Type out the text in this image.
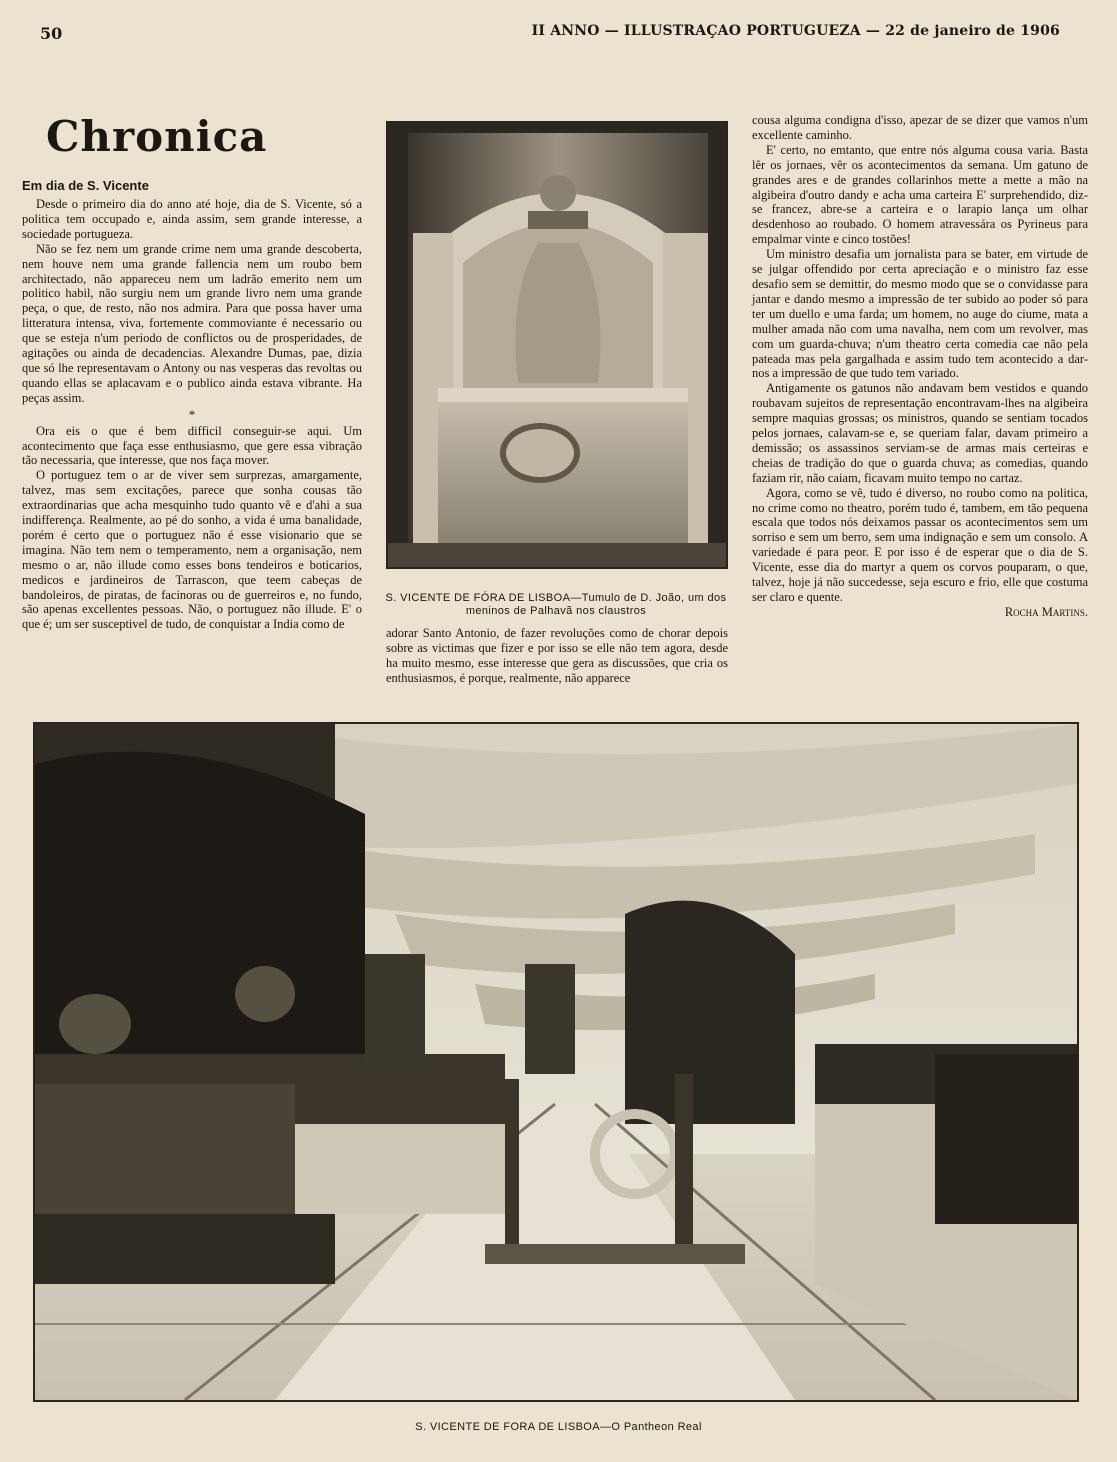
50	II ANNO — ILLUSTRAÇAO PORTUGUEZA — 22 de janeiro de 1906
Chronica
Em dia de S. Vicente

Desde o primeiro dia do anno até hoje, dia de S. Vicente, só a politica tem occupado e, ainda assim, sem grande interesse, a sociedade portugueza.

Não se fez nem um grande crime nem uma grande descoberta, nem houve nem uma grande fallencia nem um roubo bem architectado, não appareceu nem um ladrão emerito nem um politico habil, não surgiu nem um grande livro nem uma grande peça, o que, de resto, não nos admira. Para que possa haver uma litteratura intensa, viva, fortemente commoviante é necessario ou que se esteja n'um periodo de conflictos ou de prosperidades, de agitações ou ainda de decadencias. Alexandre Dumas, pae, dizia que só lhe representavam o Antony ou nas vesperas das revoltas ou quando ellas se aplacavam e o publico ainda estava vibrante. Ha peças assim.

*

Ora eis o que é bem difficil conseguir-se aqui. Um acontecimento que faça esse enthusiasmo, que gere essa vibração tão necessaria, que interesse, que nos faça mover.

O portuguez tem o ar de viver sem surprezas, amargamente, talvez, mas sem excitações, parece que sonha cousas tão extraordinarias que acha mesquinho tudo quanto vê e d'ahi a sua indifferença. Realmente, ao pé do sonho, a vida é uma banalidade, porém é certo que o portuguez não é esse visionario que se imagina. Não tem nem o temperamento, nem a organisação, nem mesmo o ar, não illude como esses bons tendeiros e boticarios, medicos e jardineiros de Tarrascon, que teem cabeças de bandoleiros, de piratas, de facinoras ou de guerreiros e, no fundo, são apenas excellentes pessoas. Não, o portuguez não illude. E' o que é; um ser susceptivel de tudo, de conquistar a India como de

S. VICENTE DE FÓRA DE LISBOA—Tumulo de D. João, um dos meninos de Palhavã nos claustros

adorar Santo Antonio, de fazer revoluções como de chorar depois sobre as victimas que fizer e por isso se elle não tem agora, desde ha muito mesmo, esse interesse que gera as discussões, que cria os enthusiasmos, é porque, realmente, não apparece

cousa alguma condigna d'isso, apezar de se dizer que vamos n'um excellente caminho.

E' certo, no emtanto, que entre nós alguma cousa varia. Basta lêr os jornaes, vêr os acontecimentos da semana. Um gatuno de grandes ares e de grandes collarinhos mette a mette a mão na algibeira d'outro dandy e acha uma carteira E' surprehendido, diz-se francez, abre-se a carteira e o larapio lança um olhar desdenhoso ao roubado. O homem atravessára os Pyrineus para empalmar vinte e cinco tostões!

Um ministro desafia um jornalista para se bater, em virtude de se julgar offendido por certa apreciação e o ministro faz esse desafio sem se demittir, do mesmo modo que se o convidasse para jantar e dando mesmo a impressão de ter subido ao poder só para ter um duello e uma farda; um homem, no auge do ciume, mata a mulher amada não com uma navalha, nem com um revolver, mas com um guarda-chuva; n'um theatro certa comedia cae não pela pateada mas pela gargalhada e assim tudo tem acontecido a dar-nos a impressão de que tudo tem variado.

Antigamente os gatunos não andavam bem vestidos e quando roubavam sujeitos de representação encontravam-lhes na algibeira sempre maquias grossas; os ministros, quando se sentiam tocados pelos jornaes, calavam-se e, se queriam falar, davam primeiro a demissão; os assassinos serviam-se de armas mais certeiras e cheias de tradição do que o guarda chuva; as comedias, quando faziam rir, não caiam, ficavam muito tempo no cartaz.

Agora, como se vê, tudo é diverso, no roubo como na politica, no crime como no theatro, porém tudo é, tambem, em tão pequena escala que todos nós deixamos passar os acontecimentos sem um sorriso e sem um berro, sem uma indignação e sem um consolo. A variedade é para peor. E por isso é de esperar que o dia de S. Vicente, esse dia do martyr a quem os corvos pouparam, o que, talvez, hoje já não succedesse, seja escuro e frio, elle que costuma ser claro e quente.

Rocha Martins.

S. VICENTE DE FORA DE LISBOA—O Pantheon Real
